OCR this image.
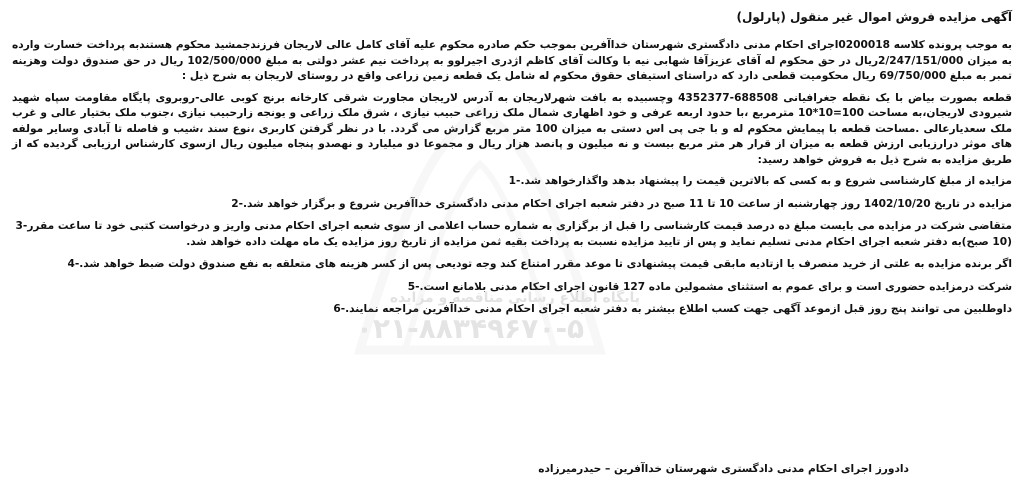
آگهی مزایده فروش اموال غیر منقول (پارلول)
به موجب پرونده کلاسه 0200018اجرای احکام مدنی دادگستری شهرستان خداآفرین بموجب حکم صادره محکوم علیه آقای کامل عالی لاریجان فرزندجمشید محکوم هستندبه پرداخت خسارت وارده به میزان 2/247/151/000ریال در حق محکوم له آقای عزیزآقا شهابی نیه با وکالت آقای کاظم اژدری اجیرلوو به پرداخت نیم عشر دولتی به مبلغ 102/500/000 ریال در حق صندوق دولت وهزینه تمبر به مبلغ 69/750/000 ریال محکومیت قطعی دارد که دراستای استیفای حقوق محکوم له شامل یک قطعه زمین زراعی واقع در روستای لاریجان به شرح ذیل :
قطعه بصورت بیاض با یک نقطه جغرافیانی 688508-4352377 وچسبیده به بافت شهرلاریجان به آدرس لاریجان مجاورت شرقی کارخانه برنج کوبی عالی-روبروی پایگاه مقاومت سپاه شهید شیرودی لاریجان،به مساحت 100=10*10 مترمربع ،با حدود اربعه عرفی و خود اظهاری شمال ملک زراعی حبیب نیازی ، شرق ملک زراعی و یونجه زارحبیب نیازی ،جنوب ملک بختیار عالی و غرب ملک سعدیارعالی .مساحت قطعه با پیمایش محکوم له و با جی پی اس دستی به میزان 100 متر مربع گزارش می گردد. با در نظر گرفتن کاربری ،نوع سند ،شیب و فاصله تا آبادی وسایر مولفه های موثر درارزیابی ارزش قطعه به میزان از قرار هر متر مربع بیست و نه میلیون و پانصد هزار ریال و مجموعا دو میلیارد و نهصدو پنجاه میلیون ریال ازسوی کارشناس ارزیابی گردیده که از طریق مزایده به شرح ذیل به فروش خواهد رسید:
مزایده از مبلغ کارشناسی شروع و به کسی که بالاترین قیمت را پیشنهاد بدهد واگذارخواهد شد.-1
مزایده در تاریخ 1402/10/20 روز چهارشنبه از ساعت 10 تا 11 صبح در دفتر شعبه اجرای احکام مدنی دادگستری خداآفرین شروع و برگزار خواهد شد.-2
متقاضی شرکت در مزایده می بایست مبلغ ده درصد قیمت کارشناسی را قبل از برگزاری به شماره حساب اعلامی از سوی شعبه اجرای احکام مدنی واریز و درخواست کتبی خود تا ساعت مقرر-3 (10 صبح)به دفتر شعبه اجرای احکام مدنی تسلیم نماید و پس از تایید مزایده نسبت به پرداخت بقیه ثمن مزایده از تاریخ روز مزایده یک ماه مهلت داده خواهد شد.
اگر برنده مزایده به علتی از خرید منصرف یا ازتادیه مابقی قیمت پیشنهادی تا موعد مقرر امتناع کند وجه تودیعی پس از کسر هزینه های متعلقه به نفع صندوق دولت ضبط خواهد شد.-4
شرکت درمزایده حضوری است و برای عموم به استثنای مشمولین ماده 127 قانون اجرای احکام مدنی بلامانع است.-5
داوطلبین می توانند پنج روز قبل ازموعد آگهی جهت کسب اطلاع بیشتر به دفتر شعبه اجرای احکام مدنی خداآفرین مراجعه نمایند.-6
دادورز اجرای احکام مدنی دادگستری شهرستان خداآفرین – حیدرمیرزاده
پایگاه اطلاع رسانی مناقصه و مزایده
۰۲۱-۸۸۳۴۹۶۷۰-۵
